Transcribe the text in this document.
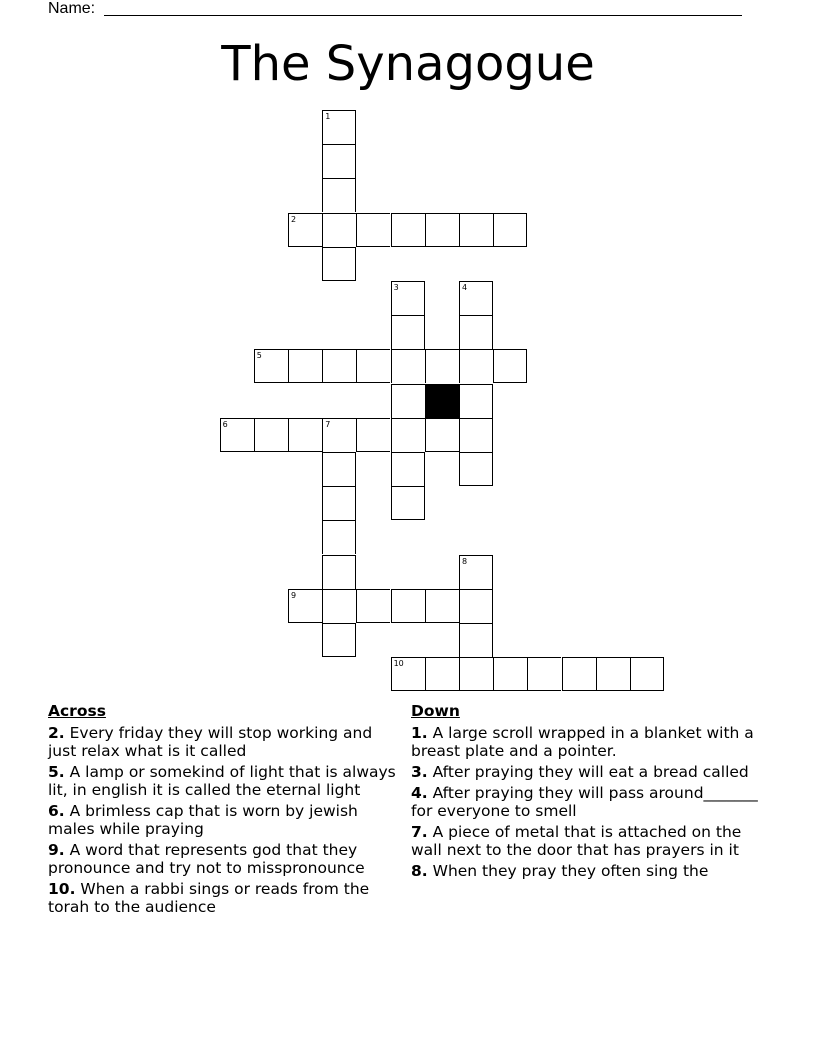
Name:
The Synagogue
1
2
3	4
5
6	7
8
9
10
Across
2. Every friday they will stop working and just relax what is it called
5. A lamp or somekind of light that is always lit, in english it is called the eternal light
6. A brimless cap that is worn by jewish males while praying
9. A word that represents god that they pronounce and try not to misspronounce
10. When a rabbi sings or reads from the torah to the audience
Down
1. A large scroll wrapped in a blanket with a breast plate and a pointer.
3. After praying they will eat a bread called
4. After praying they will pass around_______ for everyone to smell
7. A piece of metal that is attached on the wall next to the door that has prayers in it
8. When they pray they often sing the
